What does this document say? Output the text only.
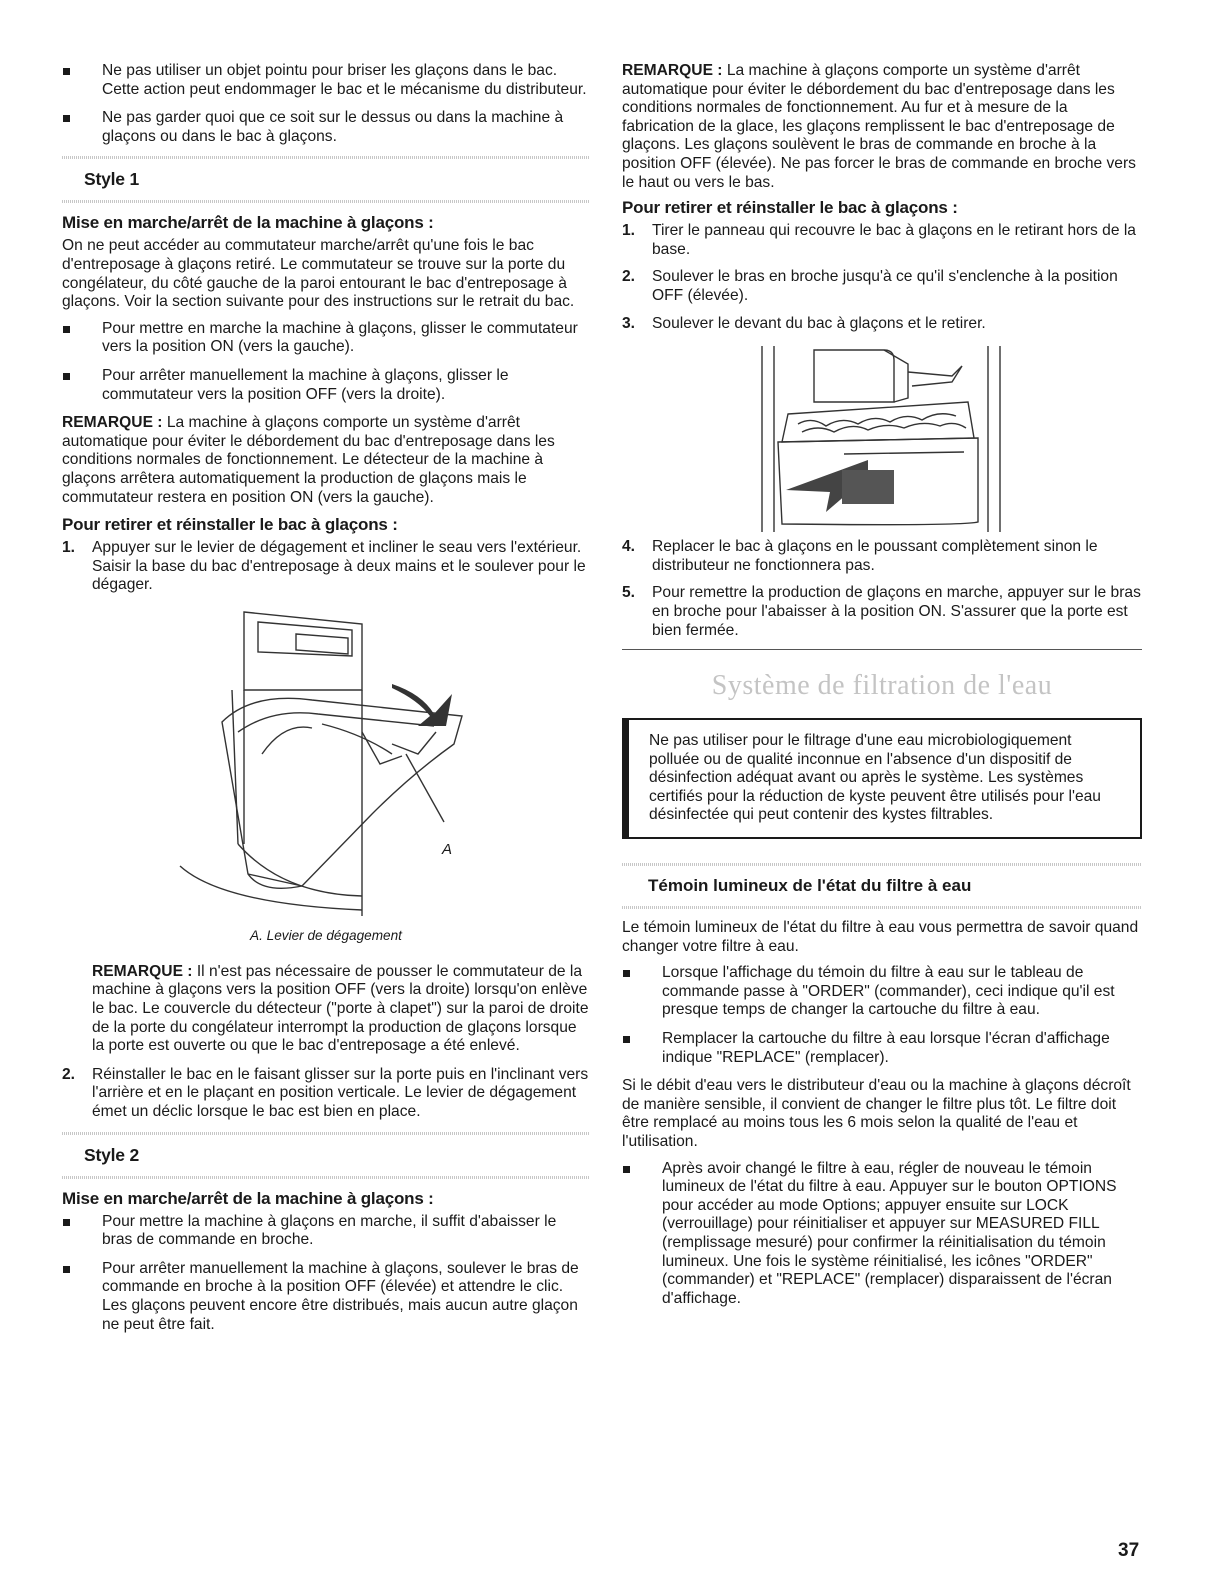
Ne pas utiliser un objet pointu pour briser les glaçons dans le bac. Cette action peut endommager le bac et le mécanisme du distributeur.
Ne pas garder quoi que ce soit sur le dessus ou dans la machine à glaçons ou dans le bac à glaçons.
Style 1
Mise en marche/arrêt de la machine à glaçons :

On ne peut accéder au commutateur marche/arrêt qu'une fois le bac d'entreposage à glaçons retiré. Le commutateur se trouve sur la porte du congélateur, du côté gauche de la paroi entourant le bac d'entreposage à glaçons. Voir la section suivante pour des instructions sur le retrait du bac.

Pour mettre en marche la machine à glaçons, glisser le commutateur vers la position ON (vers la gauche).
Pour arrêter manuellement la machine à glaçons, glisser le commutateur vers la position OFF (vers la droite).

REMARQUE : La machine à glaçons comporte un système d'arrêt automatique pour éviter le débordement du bac d'entreposage dans les conditions normales de fonctionnement. Le détecteur de la machine à glaçons arrêtera automatiquement la production de glaçons mais le commutateur restera en position ON (vers la gauche).

Pour retirer et réinstaller le bac à glaçons :
1. Appuyer sur le levier de dégagement et incliner le seau vers l'extérieur. Saisir la base du bac d'entreposage à deux mains et le soulever pour le dégager.
A
A. Levier de dégagement

REMARQUE : Il n'est pas nécessaire de pousser le commutateur de la machine à glaçons vers la position OFF (vers la droite) lorsqu'on enlève le bac. Le couvercle du détecteur ("porte à clapet") sur la paroi de droite de la porte du congélateur interrompt la production de glaçons lorsque la porte est ouverte ou que le bac d'entreposage a été enlevé.

2. Réinstaller le bac en le faisant glisser sur la porte puis en l'inclinant vers l'arrière et en le plaçant en position verticale. Le levier de dégagement émet un déclic lorsque le bac est bien en place.
Style 2
Mise en marche/arrêt de la machine à glaçons :
Pour mettre la machine à glaçons en marche, il suffit d'abaisser le bras de commande en broche.
Pour arrêter manuellement la machine à glaçons, soulever le bras de commande en broche à la position OFF (élevée) et attendre le clic. Les glaçons peuvent encore être distribués, mais aucun autre glaçon ne peut être fait.

REMARQUE : La machine à glaçons comporte un système d'arrêt automatique pour éviter le débordement du bac d'entreposage dans les conditions normales de fonctionnement. Au fur et à mesure de la fabrication de la glace, les glaçons remplissent le bac d'entreposage de glaçons. Les glaçons soulèvent le bras de commande en broche à la position OFF (élevée). Ne pas forcer le bras de commande en broche vers le haut ou vers le bas.

Pour retirer et réinstaller le bac à glaçons :
1. Tirer le panneau qui recouvre le bac à glaçons en le retirant hors de la base.
2. Soulever le bras en broche jusqu'à ce qu'il s'enclenche à la position OFF (élevée).
3. Soulever le devant du bac à glaçons et le retirer.
4. Replacer le bac à glaçons en le poussant complètement sinon le distributeur ne fonctionnera pas.
5. Pour remettre la production de glaçons en marche, appuyer sur le bras en broche pour l'abaisser à la position ON. S'assurer que la porte est bien fermée.
Système de filtration de l'eau

Ne pas utiliser pour le filtrage d'une eau microbiologiquement polluée ou de qualité inconnue en l'absence d'un dispositif de désinfection adéquat avant ou après le système. Les systèmes certifiés pour la réduction de kyste peuvent être utilisés pour l'eau désinfectée qui peut contenir des kystes filtrables.

Témoin lumineux de l'état du filtre à eau

Le témoin lumineux de l'état du filtre à eau vous permettra de savoir quand changer votre filtre à eau.

Lorsque l'affichage du témoin du filtre à eau sur le tableau de commande passe à "ORDER" (commander), ceci indique qu'il est presque temps de changer la cartouche du filtre à eau.
Remplacer la cartouche du filtre à eau lorsque l'écran d'affichage indique "REPLACE" (remplacer).

Si le débit d'eau vers le distributeur d'eau ou la machine à glaçons décroît de manière sensible, il convient de changer le filtre plus tôt. Le filtre doit être remplacé au moins tous les 6 mois selon la qualité de l'eau et l'utilisation.

Après avoir changé le filtre à eau, régler de nouveau le témoin lumineux de l'état du filtre à eau. Appuyer sur le bouton OPTIONS pour accéder au mode Options; appuyer ensuite sur LOCK (verrouillage) pour réinitialiser et appuyer sur MEASURED FILL (remplissage mesuré) pour confirmer la réinitialisation du témoin lumineux. Une fois le système réinitialisé, les icônes "ORDER" (commander) et "REPLACE" (remplacer) disparaissent de l'écran d'affichage.
37
